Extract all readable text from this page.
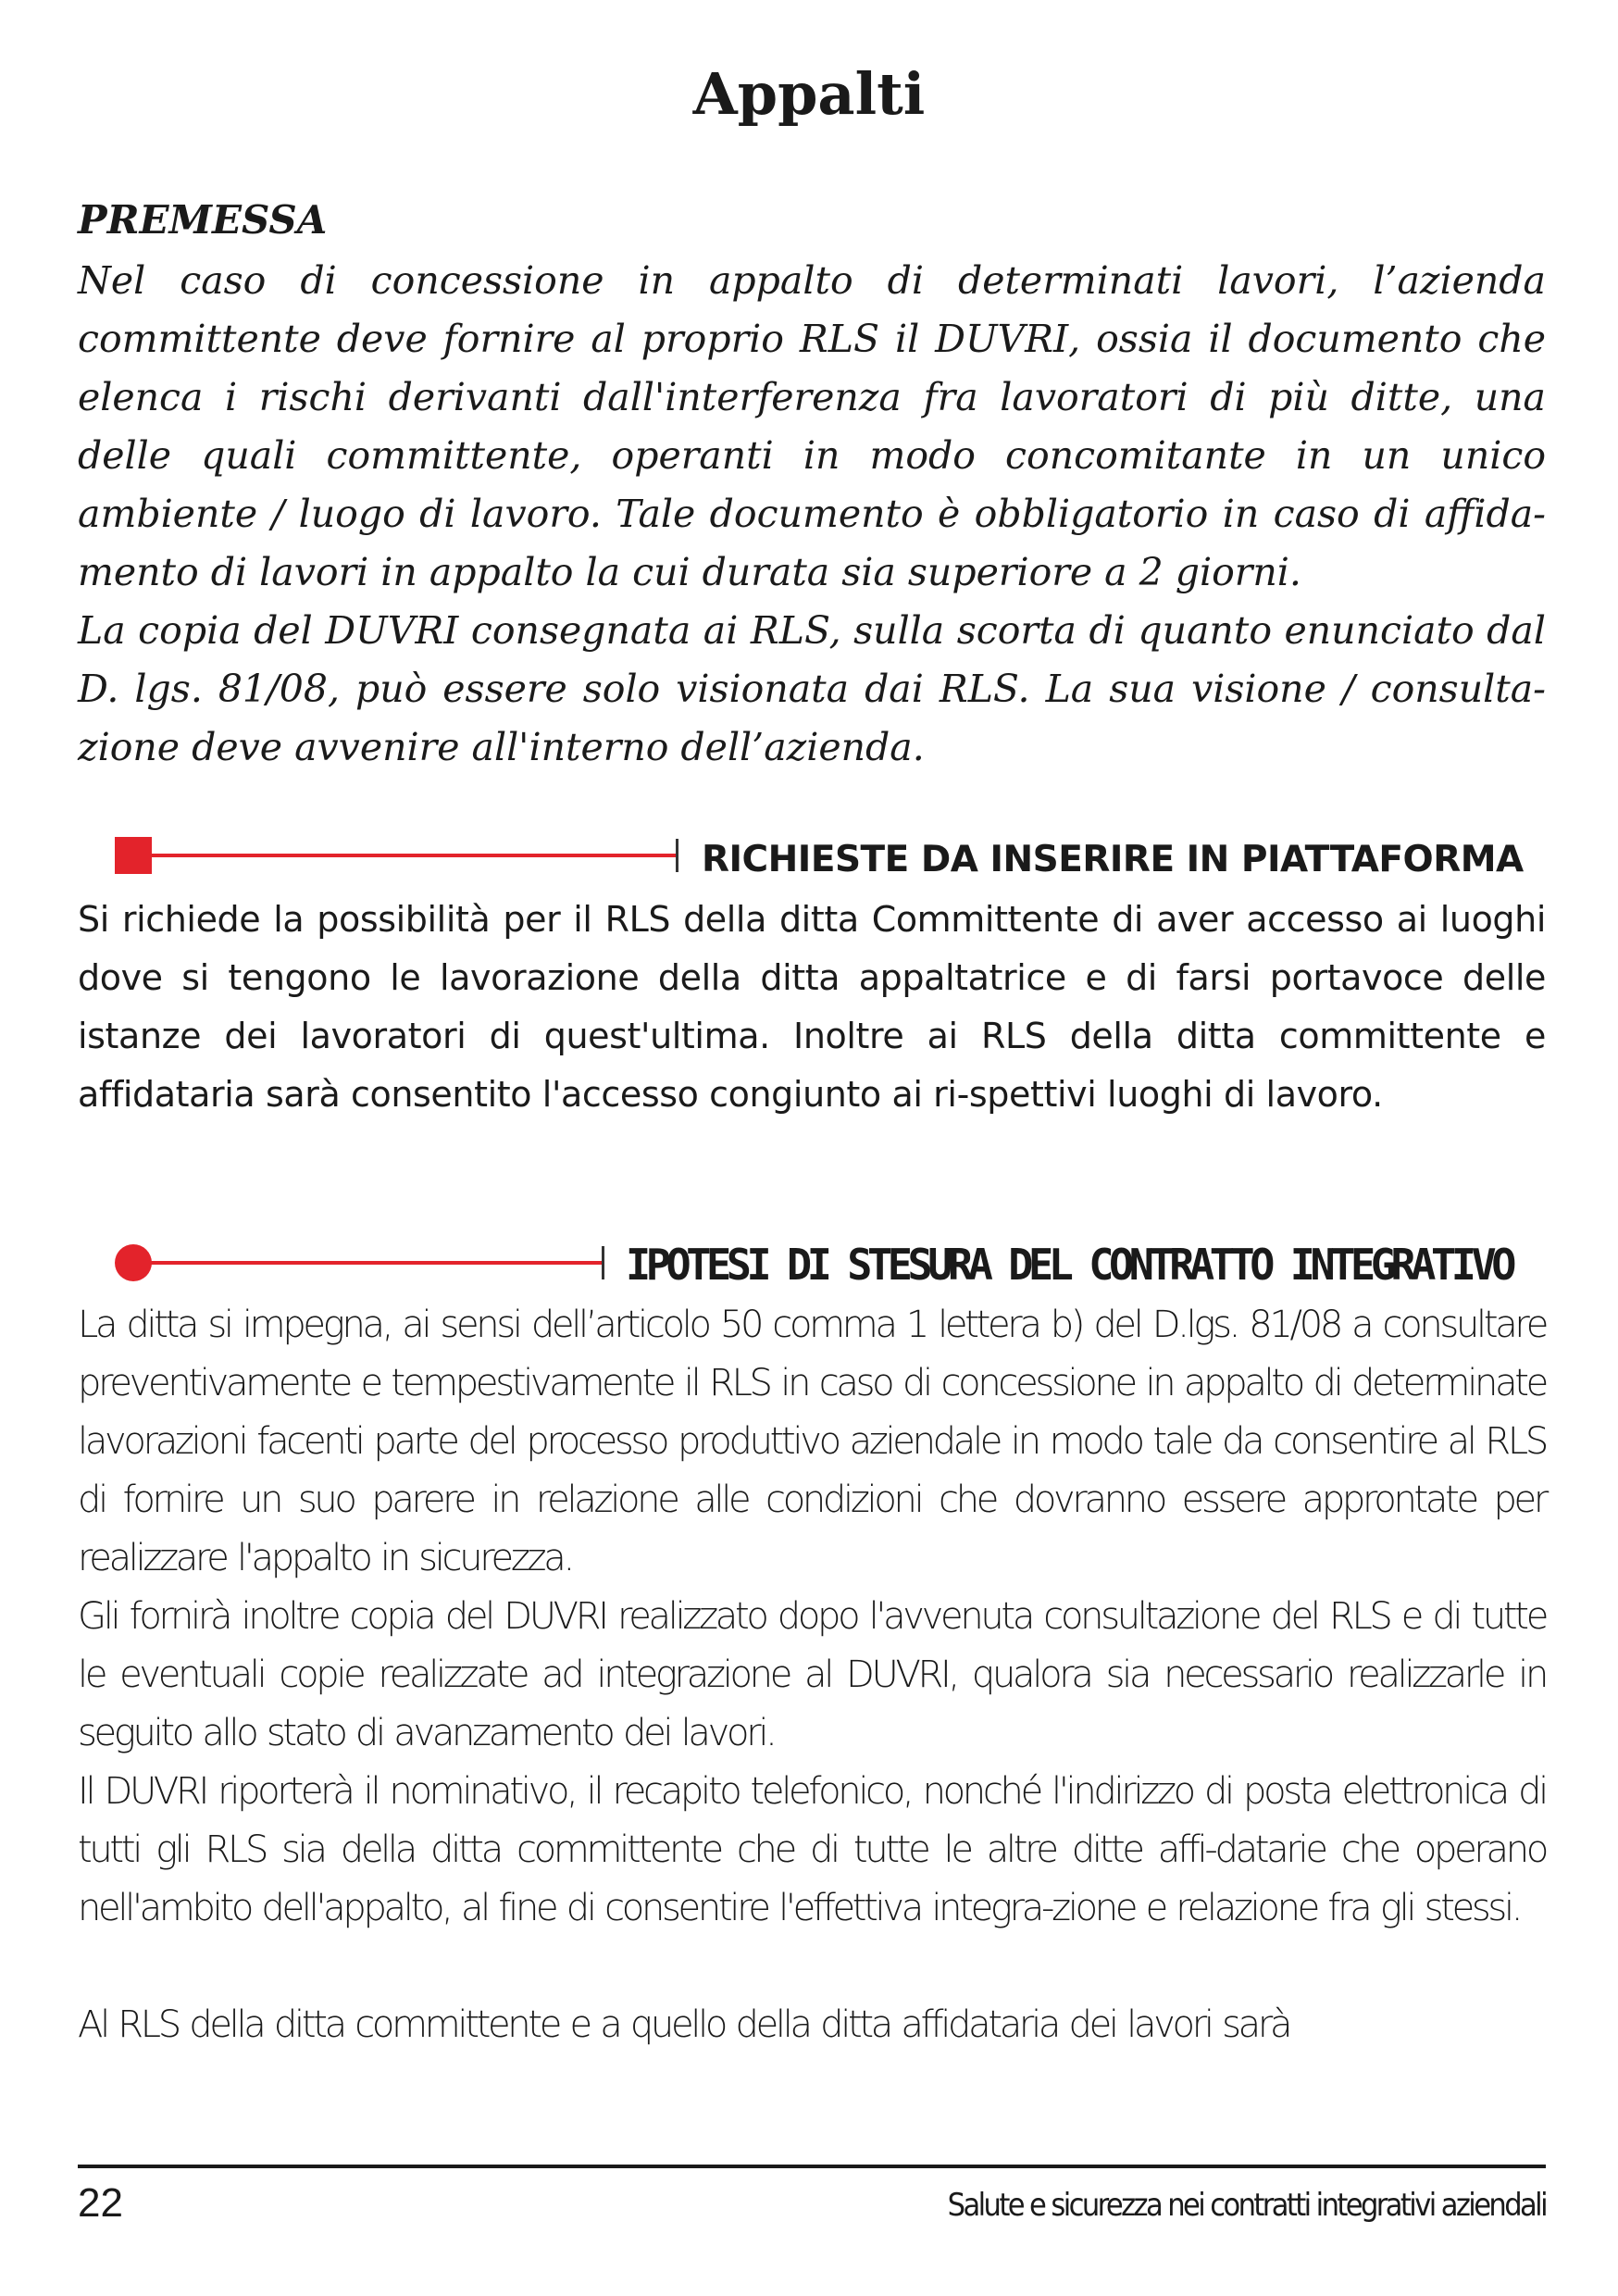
Appalti
PREMESSA

Nel caso di concessione in appalto di determinati lavori, l’azienda committente deve fornire al proprio RLS il DUVRI, ossia il documento che elenca i rischi derivanti dall'interferenza fra lavoratori di più ditte, una delle quali committente, operanti in modo concomitante in un unico ambiente / luogo di lavoro. Tale documento è obbligatorio in caso di affida-mento di lavori in appalto la cui durata sia superiore a 2 giorni.

La copia del DUVRI consegnata ai RLS, sulla scorta di quanto enunciato dal D. lgs. 81/08, può essere solo visionata dai RLS. La sua visione / consulta-zione deve avvenire all'interno dell’azienda.

RICHIESTE DA INSERIRE IN PIATTAFORMA

Si richiede la possibilità per il RLS della ditta Committente di aver accesso ai luoghi dove si tengono le lavorazione della ditta appaltatrice e di farsi portavoce delle istanze dei lavoratori di quest'ultima. Inoltre ai RLS della ditta committente e affidataria sarà consentito l'accesso congiunto ai ri-spettivi luoghi di lavoro.

IPOTESI DI STESURA DEL CONTRATTO INTEGRATIVO

La ditta si impegna, ai sensi dell’articolo 50 comma 1 lettera b) del D.lgs. 81/08 a consultare preventivamente e tempestivamente il RLS in caso di concessione in appalto di determinate lavorazioni facenti parte del processo produttivo aziendale in modo tale da consentire al RLS di fornire un suo parere in relazione alle condizioni che dovranno essere approntate per realizzare l'appalto in sicurezza.

Gli fornirà inoltre copia del DUVRI realizzato dopo l'avvenuta consultazione del RLS e di tutte le eventuali copie realizzate ad integrazione al DUVRI, qualora sia necessario realizzarle in seguito allo stato di avanzamento dei lavori.

Il DUVRI riporterà il nominativo, il recapito telefonico, nonché l'indirizzo di posta elettronica di tutti gli RLS sia della ditta committente che di tutte le altre ditte affi-datarie che operano nell'ambito dell'appalto, al fine di consentire l'effettiva integra-zione e relazione fra gli stessi.

Al RLS della ditta committente e a quello della ditta affidataria dei lavori sarà

22	Salute e sicurezza nei contratti integrativi aziendali
